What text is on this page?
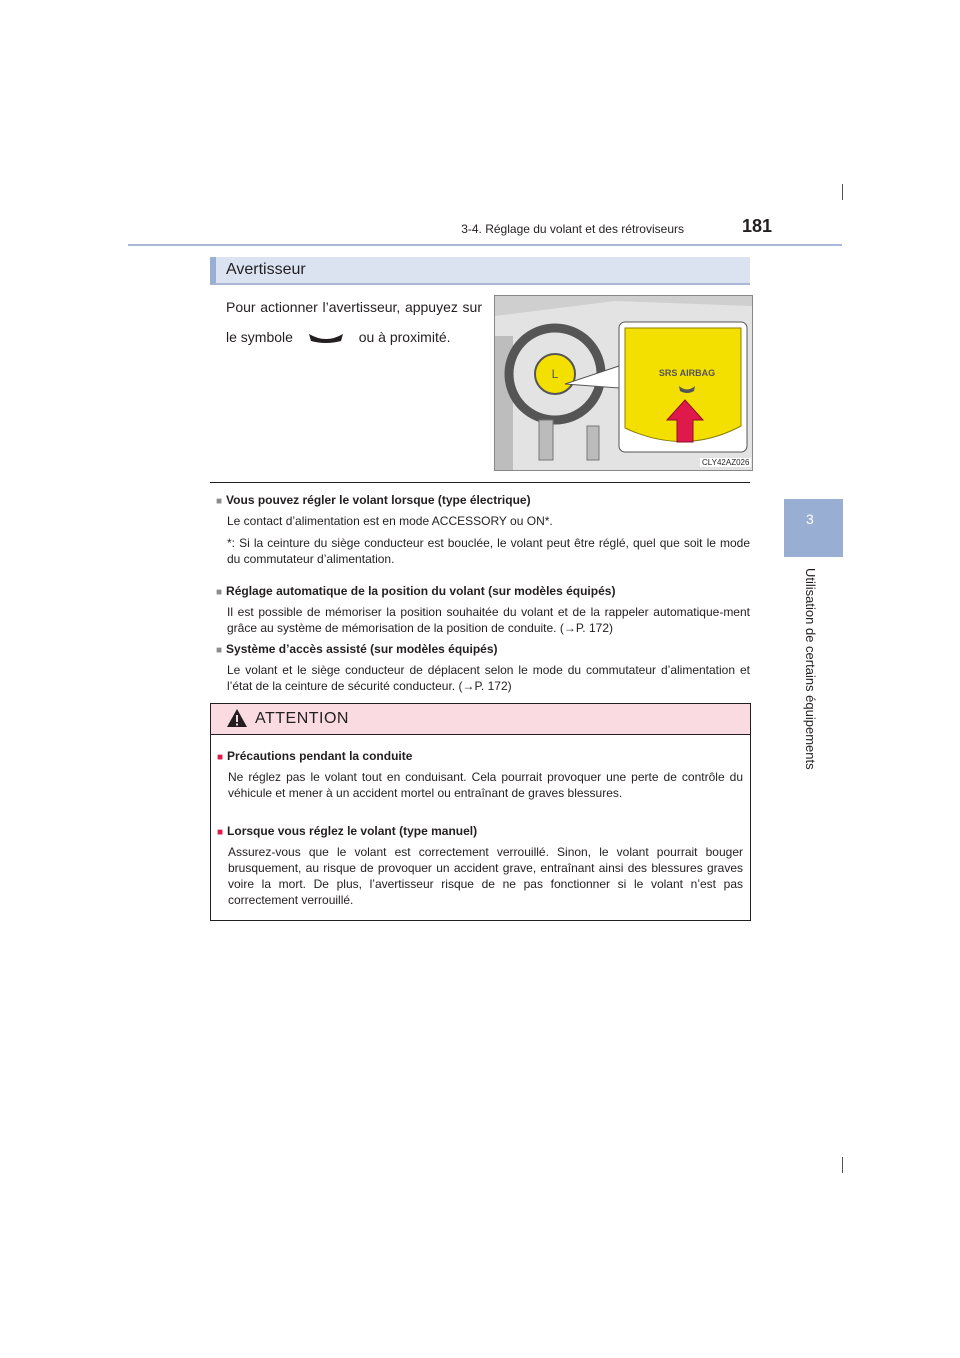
3-4. Réglage du volant et des rétroviseurs	181
3
Utilisation de certains équipements
Avertisseur
Pour actionner l’avertisseur, appuyez sur le symbole	ou à proximité.
L	SRS AIRBAG
CLY42AZ026
■ Vous pouvez régler le volant lorsque (type électrique)
Le contact d’alimentation est en mode ACCESSORY ou ON*.
*: Si la ceinture du siège conducteur est bouclée, le volant peut être réglé, quel que soit le mode du commutateur d’alimentation.
■ Réglage automatique de la position du volant (sur modèles équipés)
Il est possible de mémoriser la position souhaitée du volant et de la rappeler automatique-ment grâce au système de mémorisation de la position de conduite. (→P. 172)
■ Système d’accès assisté (sur modèles équipés)
Le volant et le siège conducteur de déplacent selon le mode du commutateur d’alimentation et l’état de la ceinture de sécurité conducteur. (→P. 172)
ATTENTION
■ Précautions pendant la conduite
Ne réglez pas le volant tout en conduisant. Cela pourrait provoquer une perte de contrôle du véhicule et mener à un accident mortel ou entraînant de graves blessures.
■ Lorsque vous réglez le volant (type manuel)
Assurez-vous que le volant est correctement verrouillé. Sinon, le volant pourrait bouger brusquement, au risque de provoquer un accident grave, entraînant ainsi des blessures graves voire la mort. De plus, l’avertisseur risque de ne pas fonctionner si le volant n’est pas correctement verrouillé.
